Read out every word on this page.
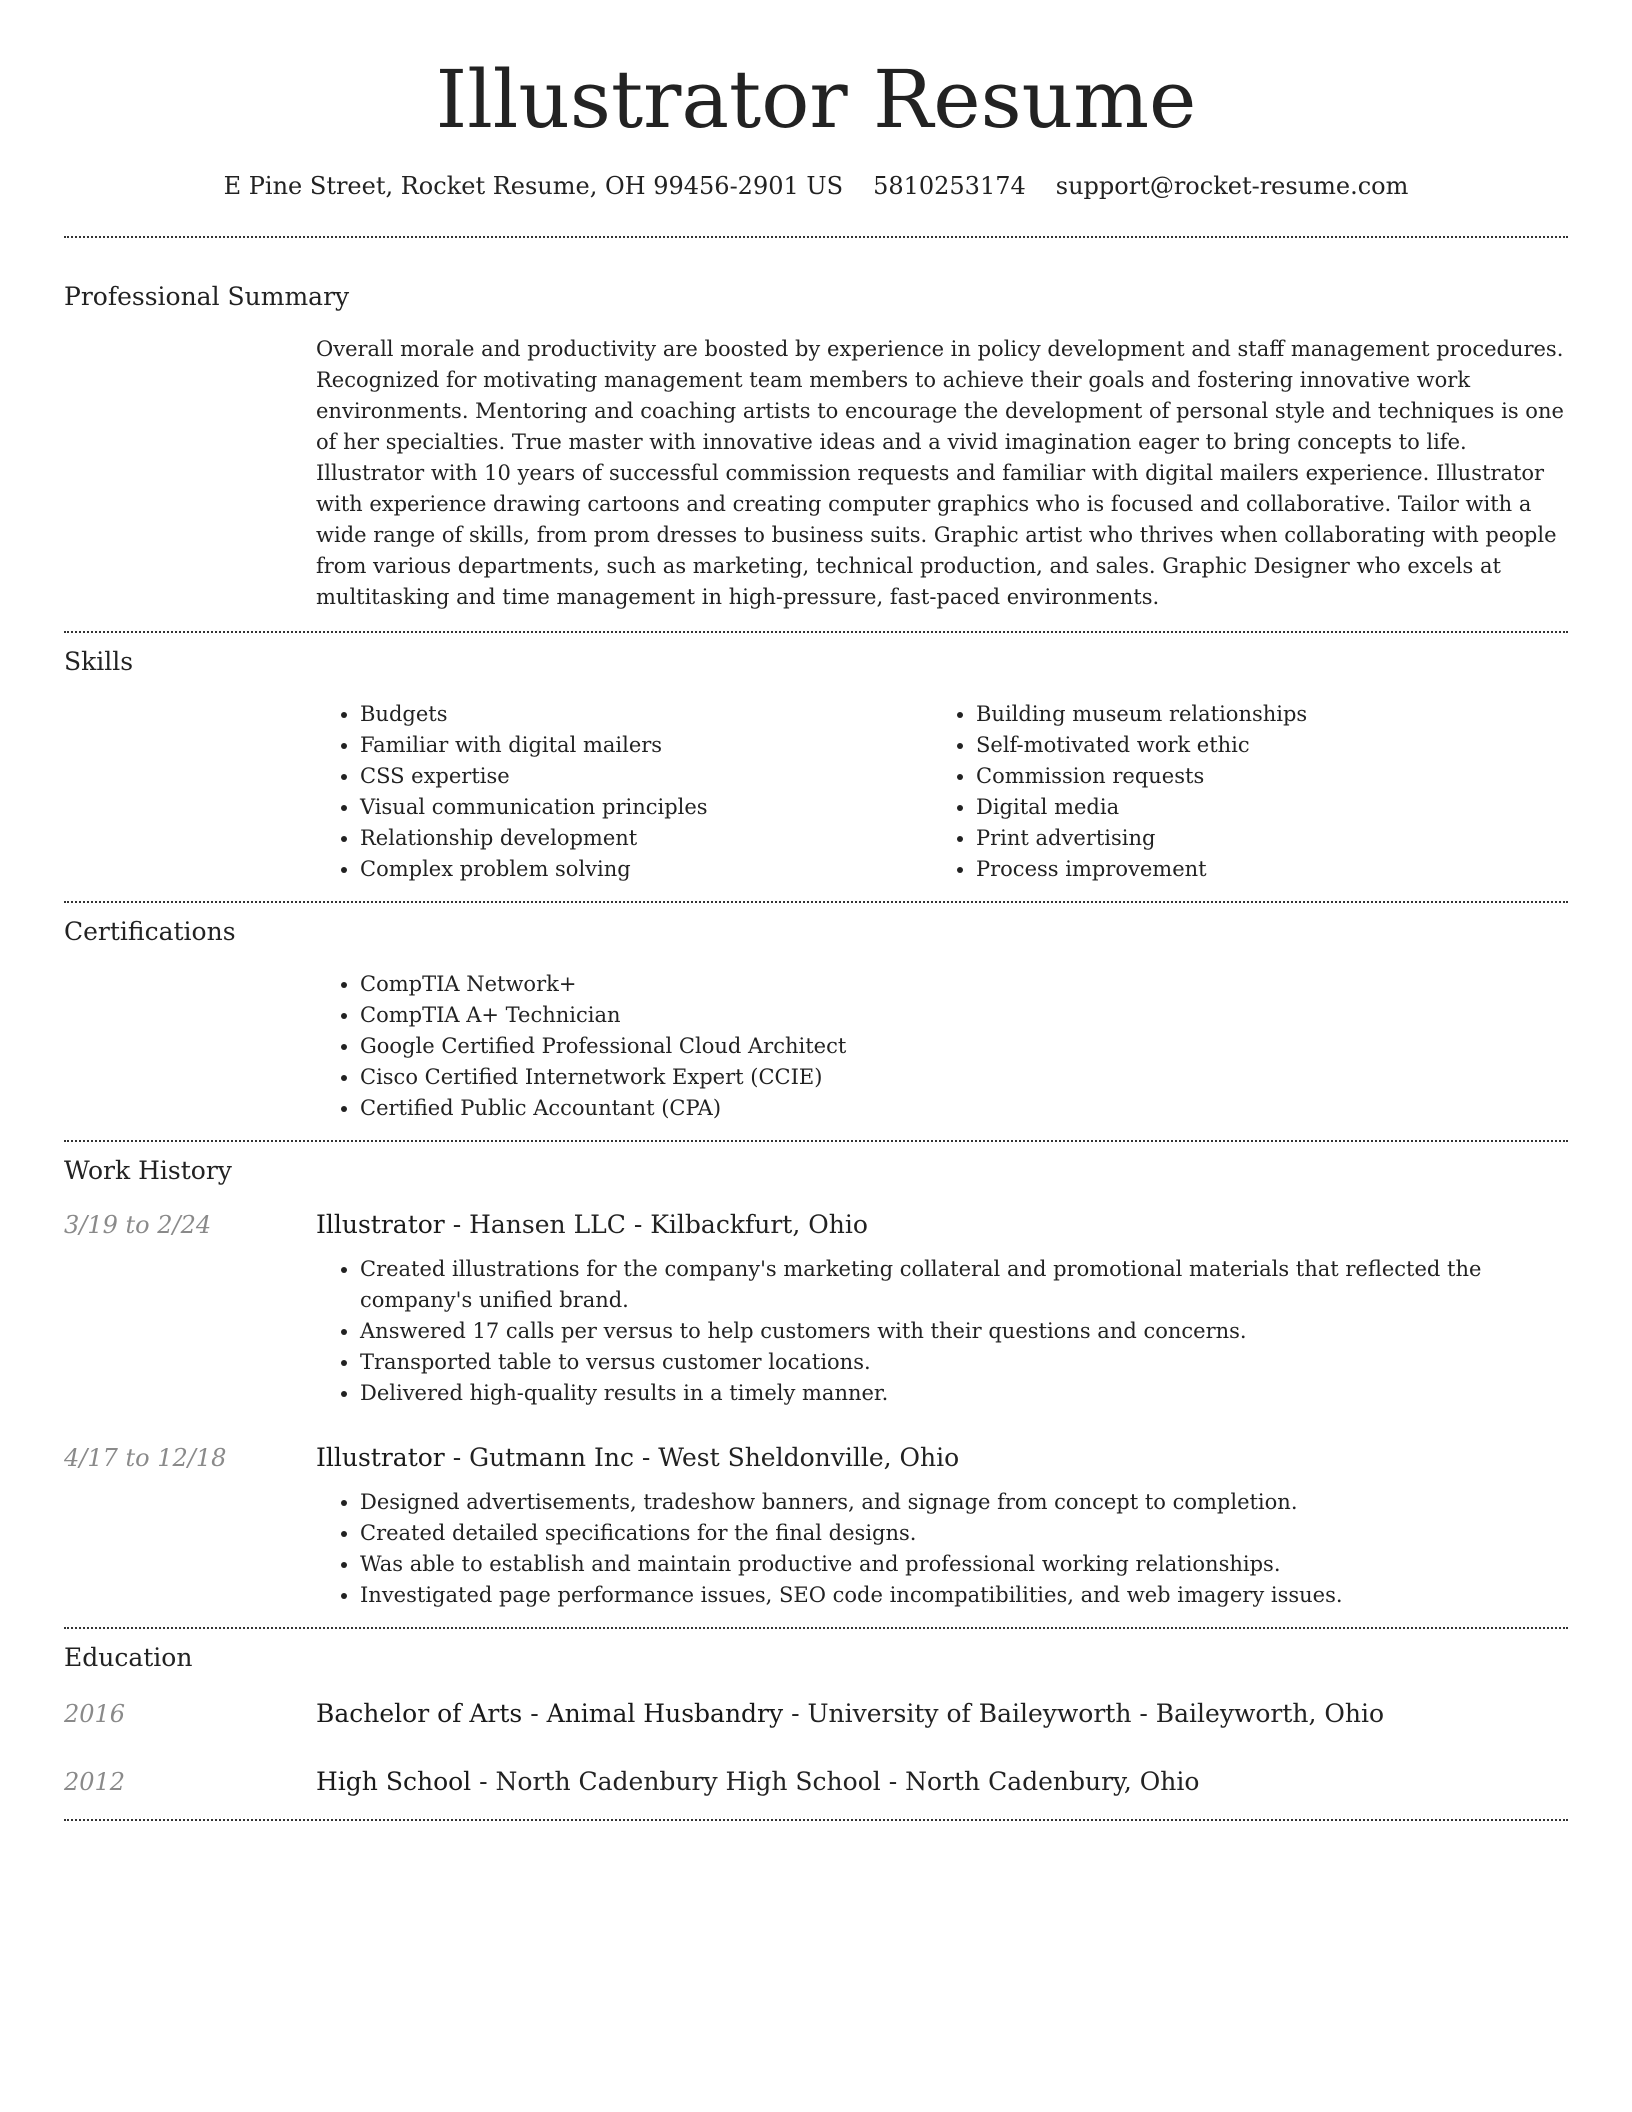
Illustrator Resume
E Pine Street, Rocket Resume, OH 99456-2901 US 5810253174 support@rocket-resume.com
Professional Summary

Overall morale and productivity are boosted by experience in policy development and staff management procedures. Recognized for motivating management team members to achieve their goals and fostering innovative work environments. Mentoring and coaching artists to encourage the development of personal style and techniques is one of her specialties. True master with innovative ideas and a vivid imagination eager to bring concepts to life. Illustrator with 10 years of successful commission requests and familiar with digital mailers experience. Illustrator with experience drawing cartoons and creating computer graphics who is focused and collaborative. Tailor with a wide range of skills, from prom dresses to business suits. Graphic artist who thrives when collaborating with people from various departments, such as marketing, technical production, and sales. Graphic Designer who excels at multitasking and time management in high-pressure, fast-paced environments.

Skills
• Budgets
• Familiar with digital mailers
• CSS expertise
• Visual communication principles
• Relationship development
• Complex problem solving
• Building museum relationships
• Self-motivated work ethic
• Commission requests
• Digital media
• Print advertising
• Process improvement
Certifications
• CompTIA Network+
• CompTIA A+ Technician
• Google Certified Professional Cloud Architect
• Cisco Certified Internetwork Expert (CCIE)
• Certified Public Accountant (CPA)
Work History
3/19 to 2/24	Illustrator - Hansen LLC - Kilbackfurt, Ohio
• Created illustrations for the company's marketing collateral and promotional materials that reflected the company's unified brand.
• Answered 17 calls per versus to help customers with their questions and concerns.
• Transported table to versus customer locations.
• Delivered high-quality results in a timely manner.
4/17 to 12/18	Illustrator - Gutmann Inc - West Sheldonville, Ohio
• Designed advertisements, tradeshow banners, and signage from concept to completion.
• Created detailed specifications for the final designs.
• Was able to establish and maintain productive and professional working relationships.
• Investigated page performance issues, SEO code incompatibilities, and web imagery issues.
Education
2016	Bachelor of Arts - Animal Husbandry - University of Baileyworth - Baileyworth, Ohio
2012	High School - North Cadenbury High School - North Cadenbury, Ohio
